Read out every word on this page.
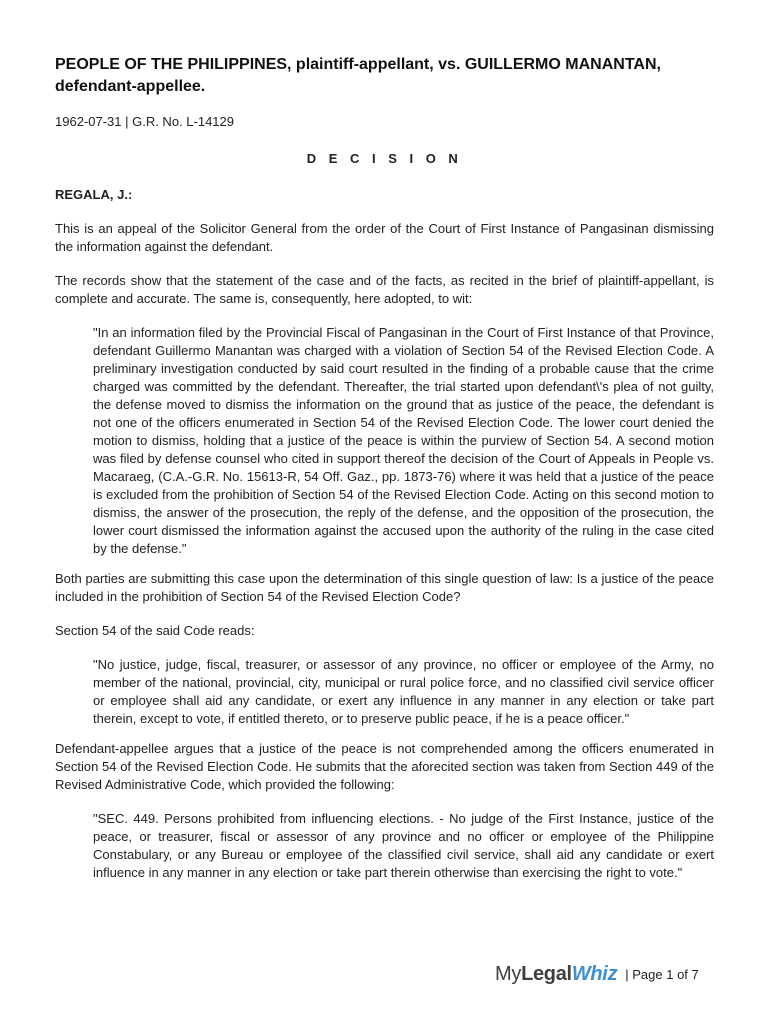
PEOPLE OF THE PHILIPPINES, plaintiff-appellant, vs. GUILLERMO MANANTAN, defendant-appellee.
1962-07-31 | G.R. No. L-14129
D E C I S I O N
REGALA, J.:

This is an appeal of the Solicitor General from the order of the Court of First Instance of Pangasinan dismissing the information against the defendant.

The records show that the statement of the case and of the facts, as recited in the brief of plaintiff-appellant, is complete and accurate. The same is, consequently, here adopted, to wit:

"In an information filed by the Provincial Fiscal of Pangasinan in the Court of First Instance of that Province, defendant Guillermo Manantan was charged with a violation of Section 54 of the Revised Election Code. A preliminary investigation conducted by said court resulted in the finding of a probable cause that the crime charged was committed by the defendant. Thereafter, the trial started upon defendant\'s plea of not guilty, the defense moved to dismiss the information on the ground that as justice of the peace, the defendant is not one of the officers enumerated in Section 54 of the Revised Election Code. The lower court denied the motion to dismiss, holding that a justice of the peace is within the purview of Section 54. A second motion was filed by defense counsel who cited in support thereof the decision of the Court of Appeals in People vs. Macaraeg, (C.A.-G.R. No. 15613-R, 54 Off. Gaz., pp. 1873-76) where it was held that a justice of the peace is excluded from the prohibition of Section 54 of the Revised Election Code. Acting on this second motion to dismiss, the answer of the prosecution, the reply of the defense, and the opposition of the prosecution, the lower court dismissed the information against the accused upon the authority of the ruling in the case cited by the defense."

Both parties are submitting this case upon the determination of this single question of law: Is a justice of the peace included in the prohibition of Section 54 of the Revised Election Code?

Section 54 of the said Code reads:

"No justice, judge, fiscal, treasurer, or assessor of any province, no officer or employee of the Army, no member of the national, provincial, city, municipal or rural police force, and no classified civil service officer or employee shall aid any candidate, or exert any influence in any manner in any election or take part therein, except to vote, if entitled thereto, or to preserve public peace, if he is a peace officer."

Defendant-appellee argues that a justice of the peace is not comprehended among the officers enumerated in Section 54 of the Revised Election Code. He submits that the aforecited section was taken from Section 449 of the Revised Administrative Code, which provided the following:

"SEC. 449. Persons prohibited from influencing elections. - No judge of the First Instance, justice of the peace, or treasurer, fiscal or assessor of any province and no officer or employee of the Philippine Constabulary, or any Bureau or employee of the classified civil service, shall aid any candidate or exert influence in any manner in any election or take part therein otherwise than exercising the right to vote."

My Legal Whiz | Page 1 of 7
